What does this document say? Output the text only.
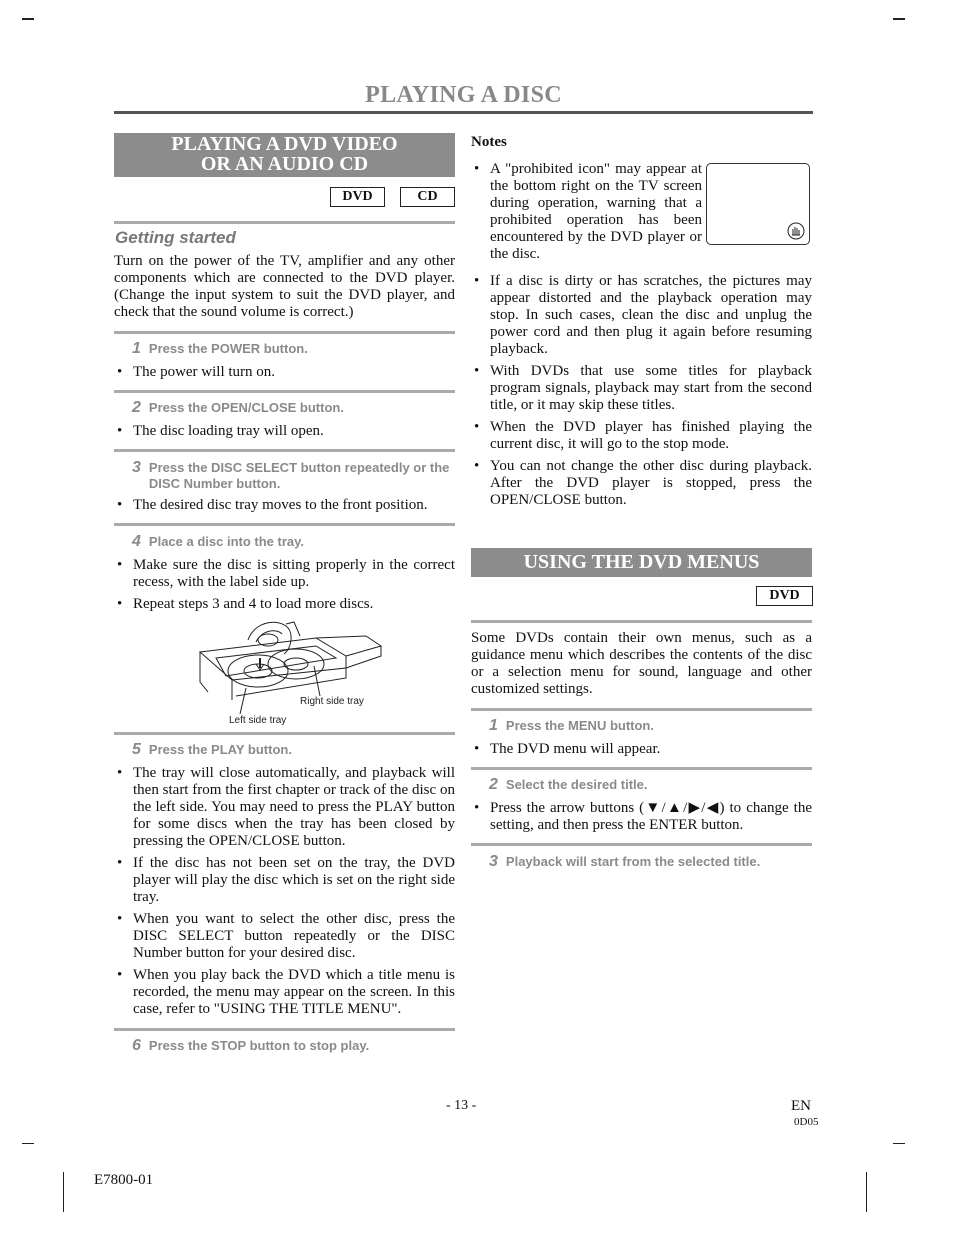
PLAYING A DISC
PLAYING A DVD VIDEO
OR AN AUDIO CD
DVD	CD
Getting started
Turn on the power of the TV, amplifier and any other components which are connected to the DVD player. (Change the input system to suit the DVD player, and check that the sound volume is correct.)
1 Press the POWER button.
• The power will turn on.
2 Press the OPEN/CLOSE button.
• The disc loading tray will open.
3 Press the DISC SELECT button repeatedly or the DISC Number button.
• The desired disc tray moves to the front position.
4 Place a disc into the tray.
• Make sure the disc is sitting properly in the correct recess, with the label side up.
• Repeat steps 3 and 4 to load more discs.
Right side tray
Left side tray
5 Press the PLAY button.
• The tray will close automatically, and playback will then start from the first chapter or track of the disc on the left side. You may need to press the PLAY button for some discs when the tray has been closed by pressing the OPEN/CLOSE button.
• If the disc has not been set on the tray, the DVD player will play the disc which is set on the right side tray.
• When you want to select the other disc, press the DISC SELECT button repeatedly or the DISC Number button for your desired disc.
• When you play back the DVD which a title menu is recorded, the menu may appear on the screen. In this case, refer to "USING THE TITLE MENU".
6 Press the STOP button to stop play.
Notes
• A "prohibited icon" may appear at the bottom right on the TV screen during operation, warning that a prohibited operation has been encountered by the DVD player or the disc.
• If a disc is dirty or has scratches, the pictures may appear distorted and the playback operation may stop. In such cases, clean the disc and unplug the power cord and then plug it again before resuming playback.
• With DVDs that use some titles for playback program signals, playback may start from the second title, or it may skip these titles.
• When the DVD player has finished playing the current disc, it will go to the stop mode.
• You can not change the other disc during playback. After the DVD player is stopped, press the OPEN/CLOSE button.
USING THE DVD MENUS
DVD
Some DVDs contain their own menus, such as a guidance menu which describes the contents of the disc or a selection menu for sound, language and other customized settings.
1 Press the MENU button.
• The DVD menu will appear.
2 Select the desired title.
• Press the arrow buttons (▼/▲/▶/◀) to change the setting, and then press the ENTER button.
3 Playback will start from the selected title.
- 13 -	EN
0D05
E7800-01
